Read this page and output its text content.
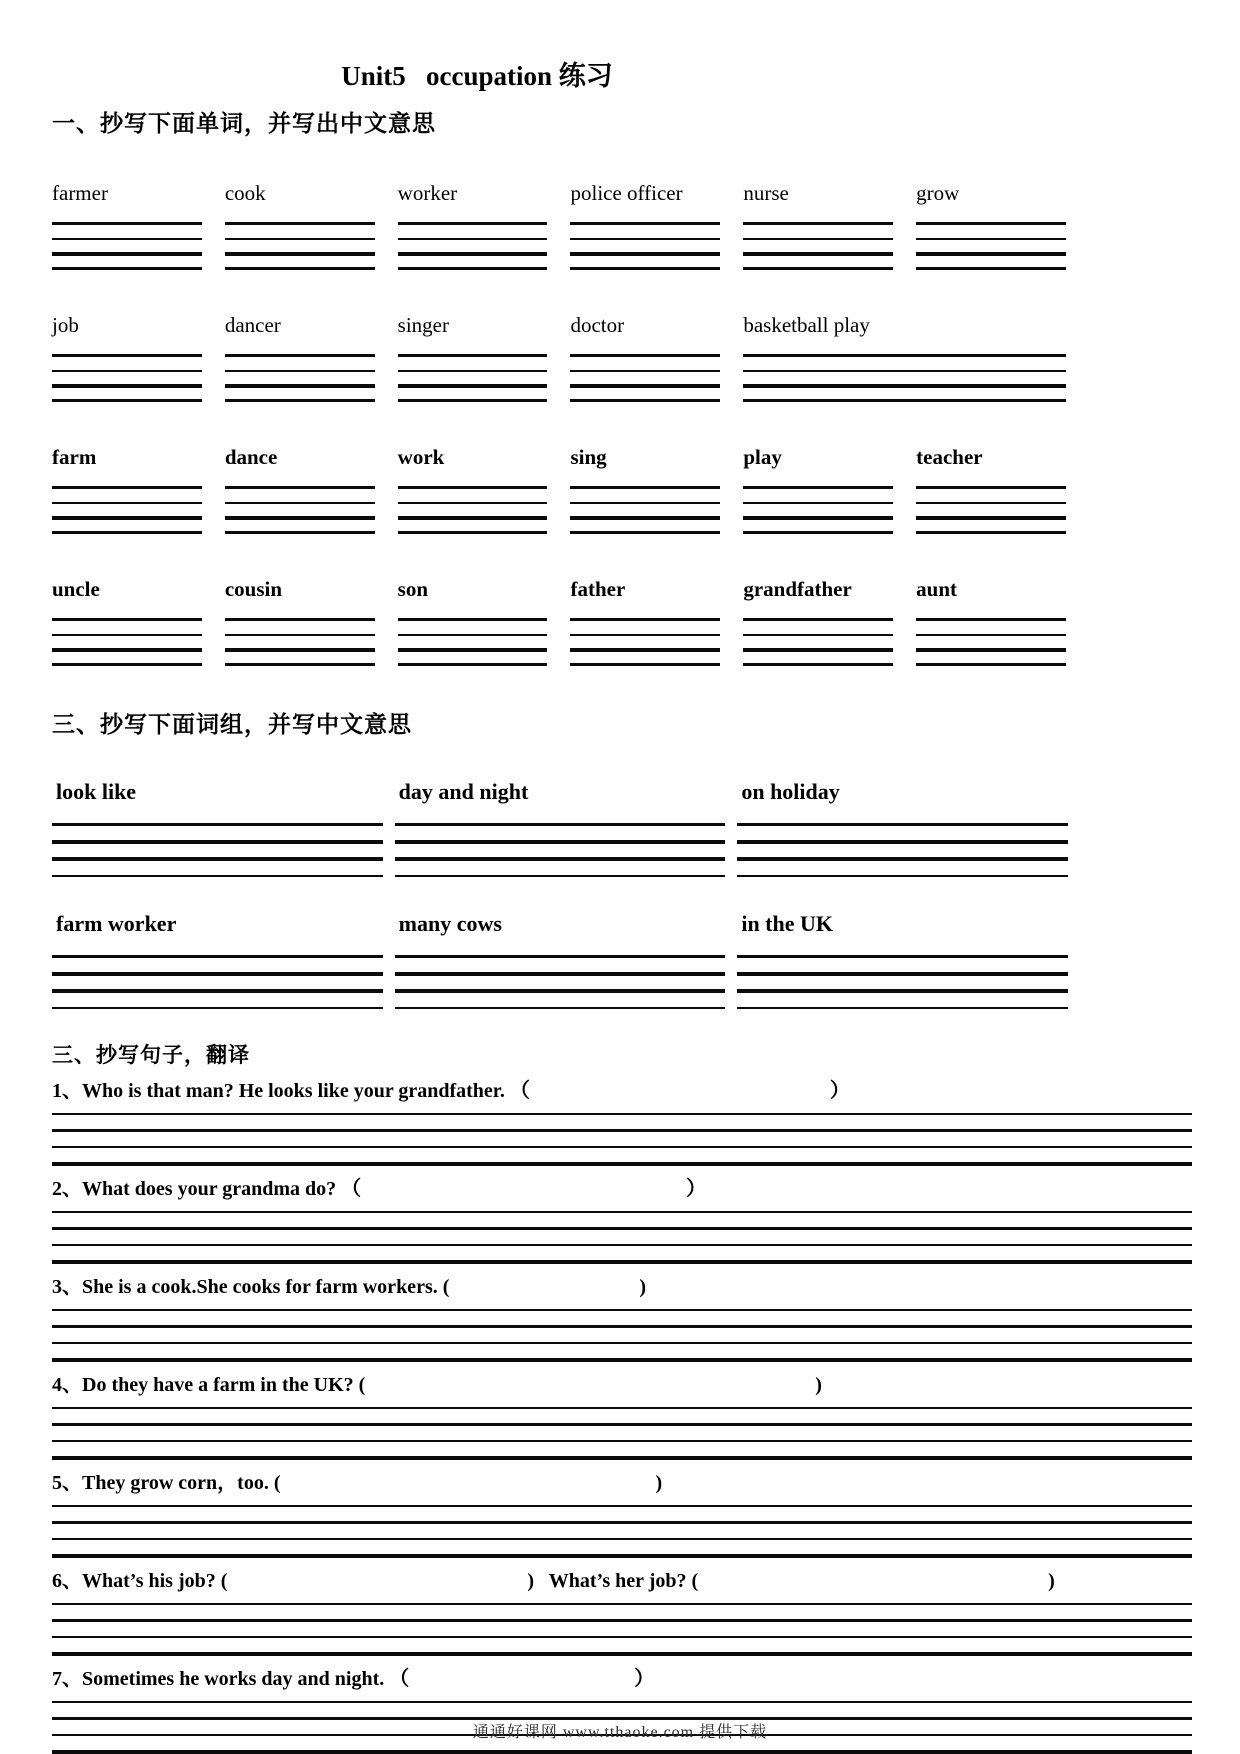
Unit5   occupation 练习
一、抄写下面单词，并写出中文意思
farmer	cook	worker	police officer	nurse	grow
job	dancer	singer	doctor	basketball play
farm	dance	work	sing	play	teacher
uncle	cousin	son	father	grandfather	aunt
三、抄写下面词组，并写中文意思
look like	day and night	on holiday
farm worker	many cows	in the UK
三、抄写句子，翻译
1、Who is that man? He looks like your grandfather. （                                                            ）
2、What does your grandma do? （                                                                 ）
3、She is a cook.She cooks for farm workers. (                                      )
4、Do they have a farm in the UK? (                                                                                          )
5、They grow corn，too. (                                                                           )
6、What’s his job? (                                                            )   What’s her job? (                                                                      )
7、Sometimes he works day and night. （                                             ）
通通好课网 www.tthaoke.com 提供下载
